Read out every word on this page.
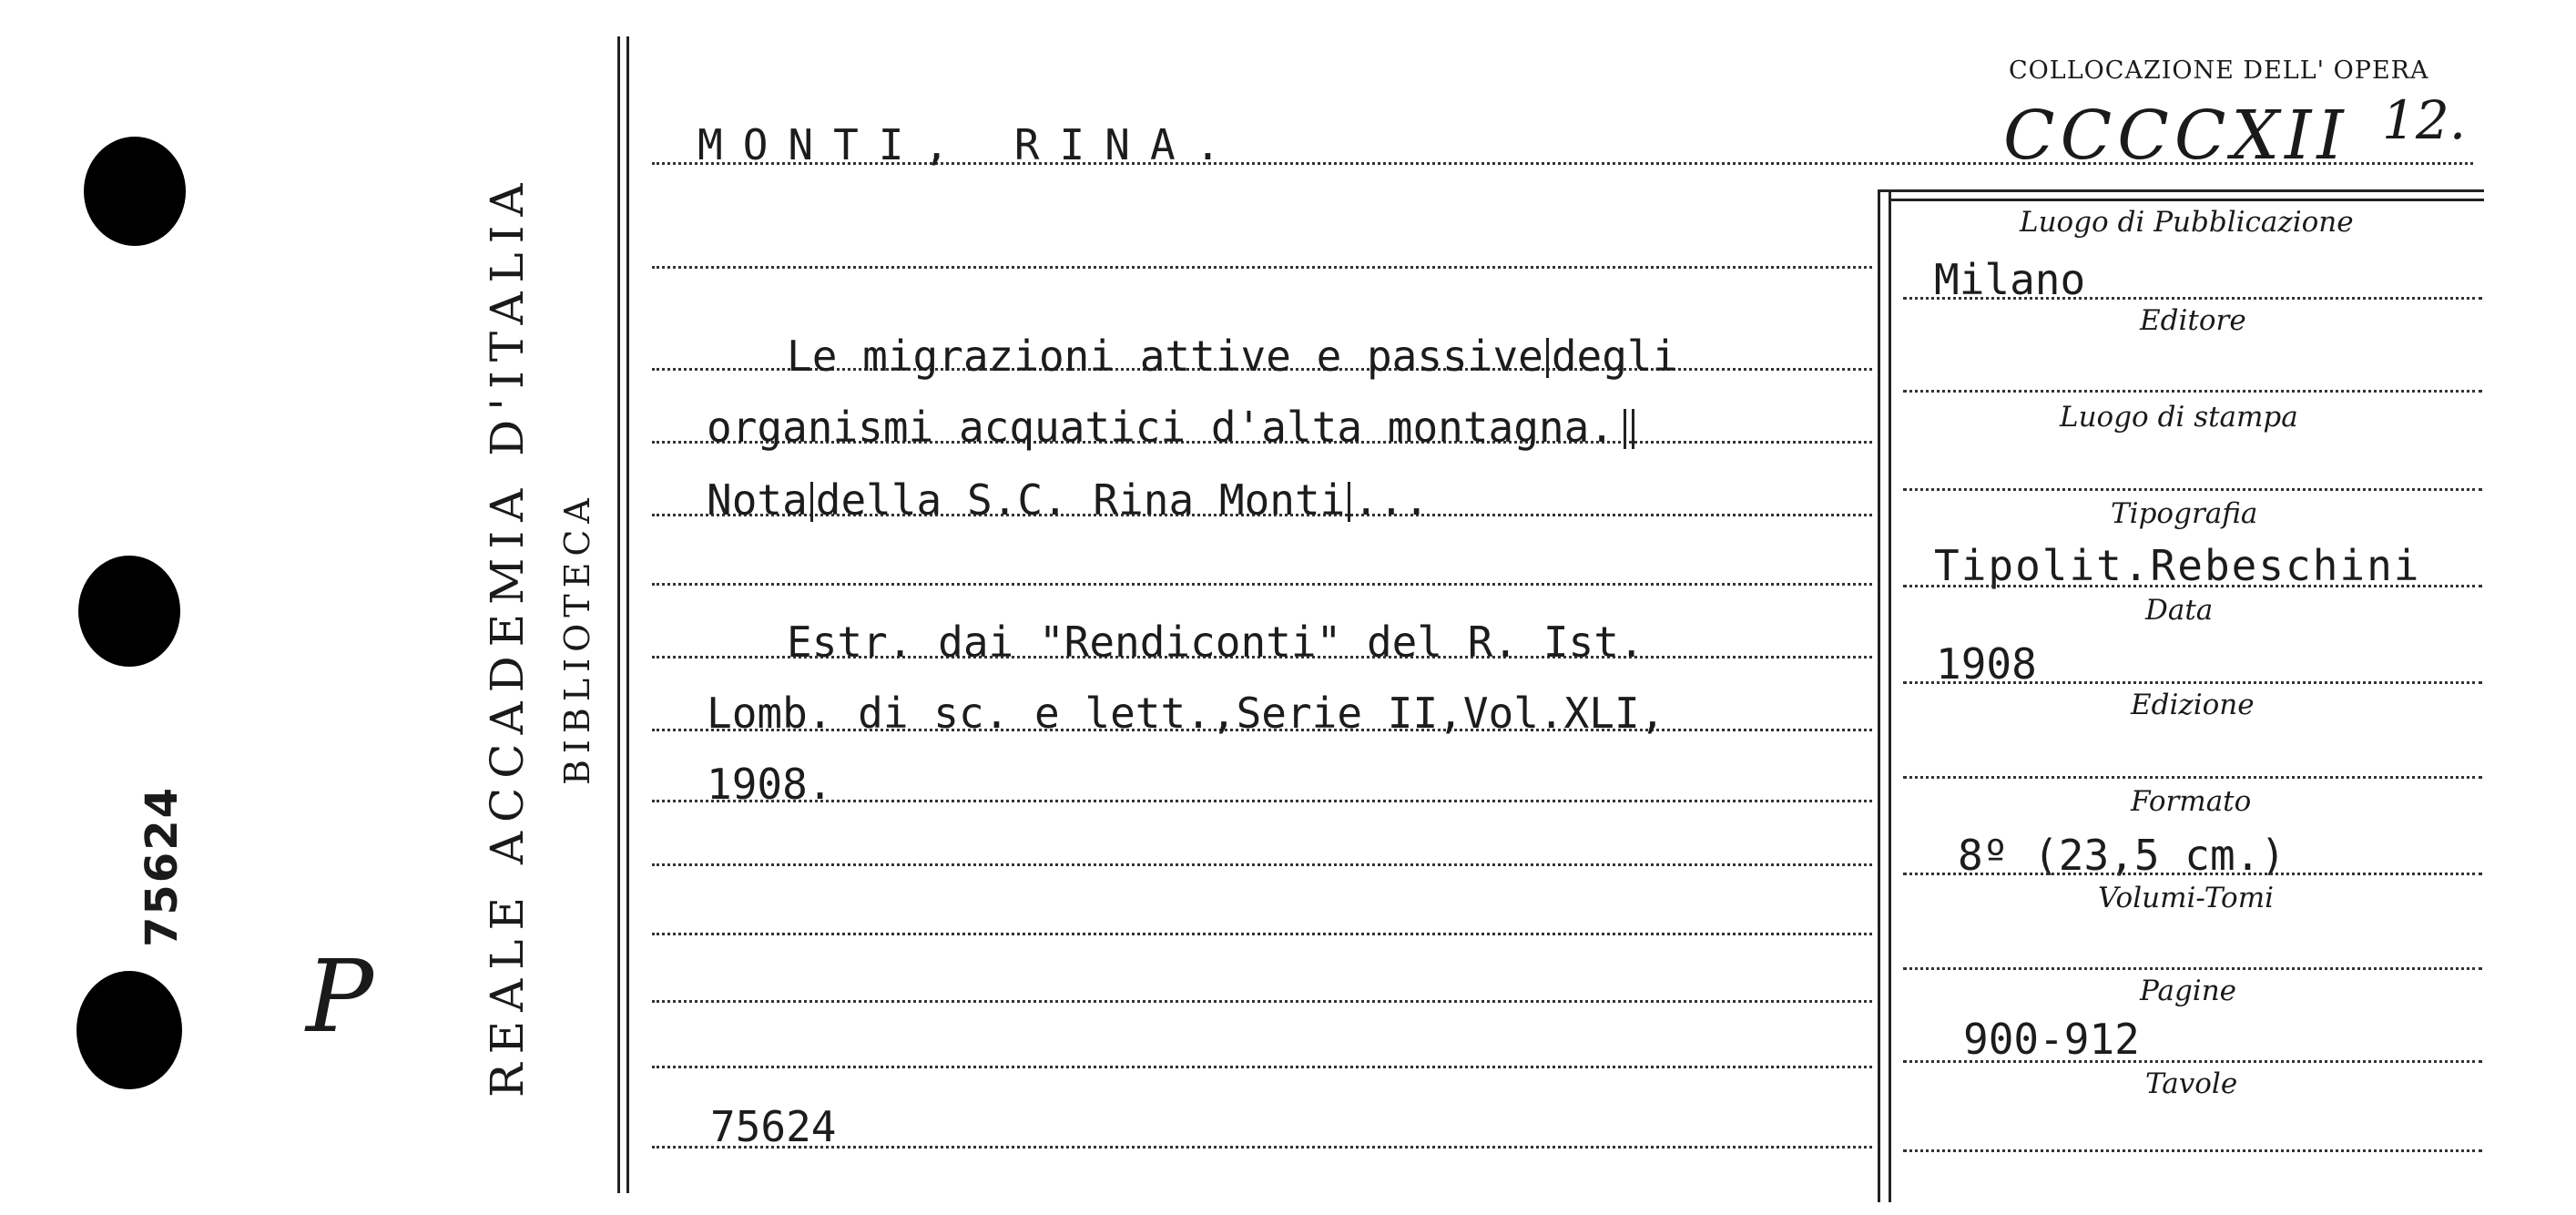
75624
P REALE ACCADEMIA D'ITALIA BIBLIOTECA
MONTI, RINA.
Le migrazioni attive e passive degli
organismi acquatici d'alta montagna.
Nota della S.C. Rina Monti ...
Estr. dai "Rendiconti" del R. Ist.
Lomb. di sc. e lett.,Serie II,Vol.XLI,
1908.
75624
COLLOCAZIONE DELL' OPERA
CCCCXII 12.
Luogo di Pubblicazione
Milano
Editore
Luogo di stampa
Tipografia
Tipolit.Rebeschini
Data
1908
Edizione
Formato
8º (23,5 cm.)
Volumi-Tomi
Pagine
900-912
Tavole
